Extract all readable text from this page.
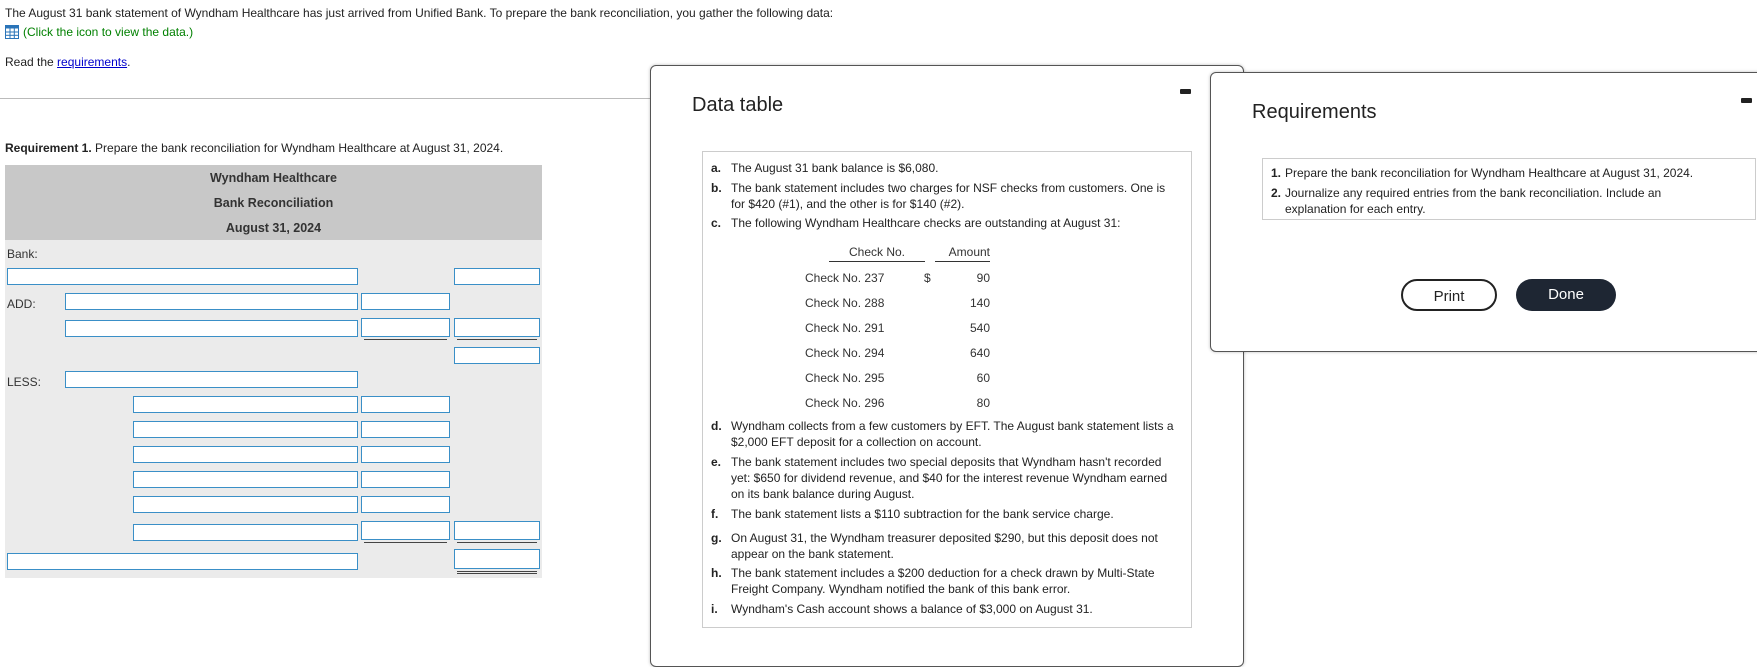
The August 31 bank statement of Wyndham Healthcare has just arrived from Unified Bank. To prepare the bank reconciliation, you gather the following data:
(Click the icon to view the data.)
Read the requirements.
Requirement 1. Prepare the bank reconciliation for Wyndham Healthcare at August 31, 2024.
Wyndham Healthcare
Bank Reconciliation
August 31, 2024
Bank:
ADD:
LESS:
Data table
a. The August 31 bank balance is $6,080.
b. The bank statement includes two charges for NSF checks from customers. One is for $420 (#1), and the other is for $140 (#2).
c. The following Wyndham Healthcare checks are outstanding at August 31:
Check No.	Amount
Check No. 237	$	90
Check No. 288	140
Check No. 291	540
Check No. 294	640
Check No. 295	60
Check No. 296	80
d. Wyndham collects from a few customers by EFT. The August bank statement lists a $2,000 EFT deposit for a collection on account.
e. The bank statement includes two special deposits that Wyndham hasn't recorded yet: $650 for dividend revenue, and $40 for the interest revenue Wyndham earned on its bank balance during August.
f. The bank statement lists a $110 subtraction for the bank service charge.
g. On August 31, the Wyndham treasurer deposited $290, but this deposit does not appear on the bank statement.
h. The bank statement includes a $200 deduction for a check drawn by Multi-State Freight Company. Wyndham notified the bank of this bank error.
i. Wyndham's Cash account shows a balance of $3,000 on August 31.
Requirements
1. Prepare the bank reconciliation for Wyndham Healthcare at August 31, 2024.
2. Journalize any required entries from the bank reconciliation. Include an explanation for each entry.
Print	Done
